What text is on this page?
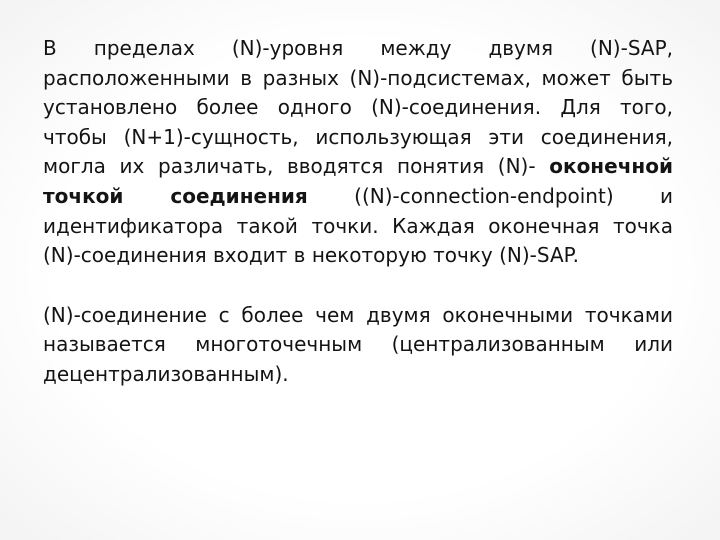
В пределах (N)-уровня между двумя (N)-SAP, расположенными в разных (N)-подсистемах, может быть установлено более одного (N)-соединения. Для того, чтобы (N+1)-сущность, использующая эти соединения, могла их различать, вводятся понятия (N)- оконечной точкой соединения ((N)-connection-endpoint) и идентификатора такой точки. Каждая оконечная точка (N)-соединения входит в некоторую точку (N)-SAP.

(N)-соединение с более чем двумя оконечными точками называется многоточечным (централизованным или децентрализованным).
